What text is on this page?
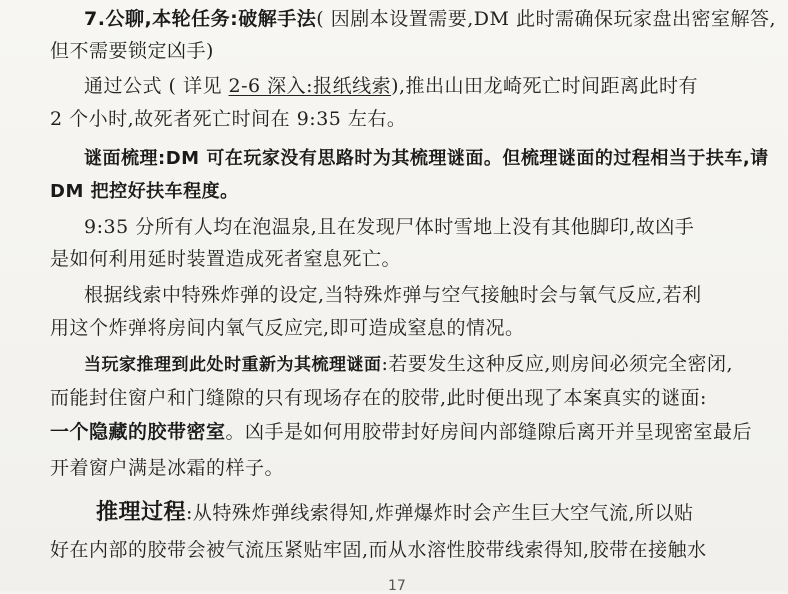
7.公聊,本轮任务:破解手法( 因剧本设置需要,DM 此时需确保玩家盘出密室解答,
但不需要锁定凶手)
通过公式 ( 详见 2-6 深入:报纸线索),推出山田龙崎死亡时间距离此时有
2 个小时,故死者死亡时间在 9:35 左右。
谜面梳理:DM 可在玩家没有思路时为其梳理谜面。但梳理谜面的过程相当于扶车,请
DM 把控好扶车程度。
9:35 分所有人均在泡温泉,且在发现尸体时雪地上没有其他脚印,故凶手
是如何利用延时装置造成死者窒息死亡。
根据线索中特殊炸弹的设定,当特殊炸弹与空气接触时会与氧气反应,若利
用这个炸弹将房间内氧气反应完,即可造成窒息的情况。
当玩家推理到此处时重新为其梳理谜面:若要发生这种反应,则房间必须完全密闭,
而能封住窗户和门缝隙的只有现场存在的胶带,此时便出现了本案真实的谜面:
一个隐藏的胶带密室。凶手是如何用胶带封好房间内部缝隙后离开并呈现密室最后
开着窗户满是冰霜的样子。
推理过程:从特殊炸弹线索得知,炸弹爆炸时会产生巨大空气流,所以贴
好在内部的胶带会被气流压紧贴牢固,而从水溶性胶带线索得知,胶带在接触水
17
